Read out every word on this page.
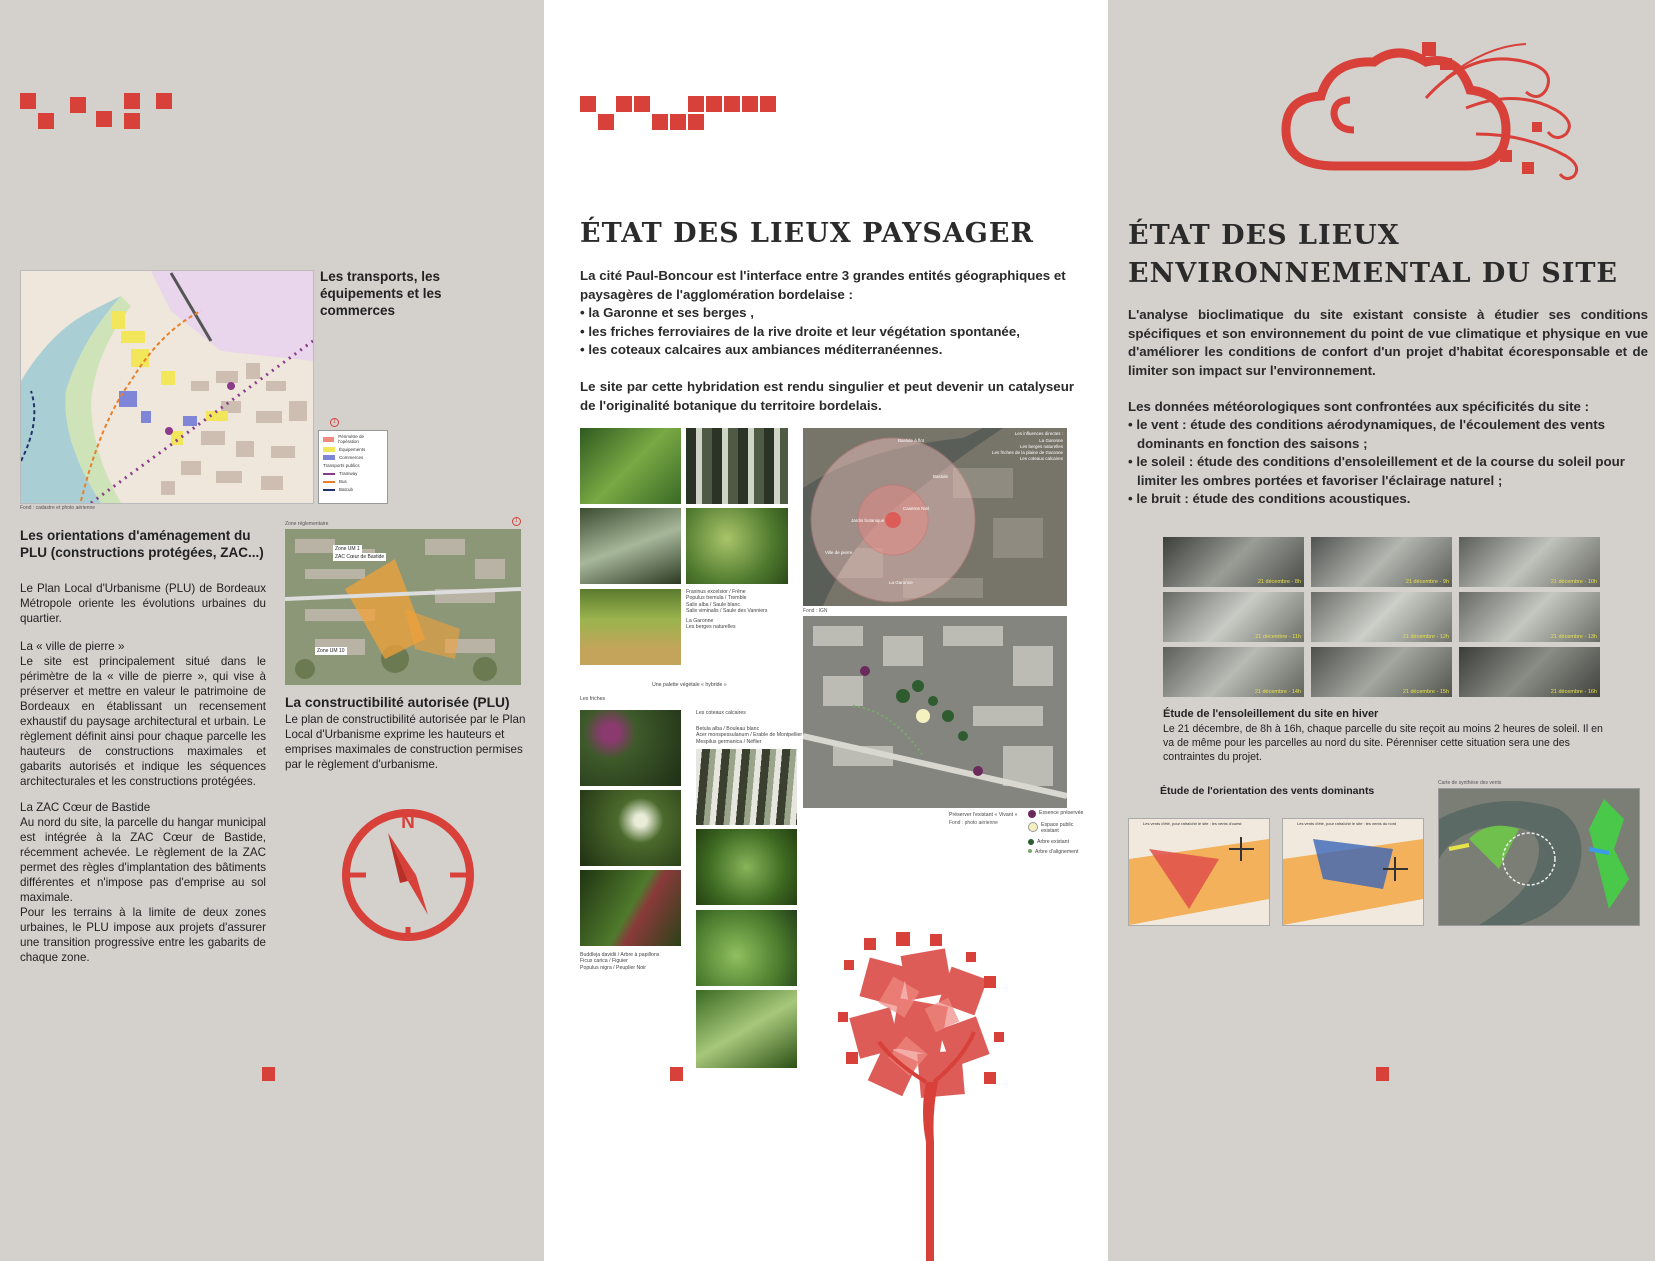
Les transports, les équipements et les commerces
1
Périmètre de l'opération
Équipements
Commerces
Transports publics
Tramway
Bus
Batcub
Fond : cadastre et photo aérienne
Les orientations d'aménagement du PLU (constructions protégées, ZAC...)
Le Plan Local d'Urbanisme (PLU) de Bordeaux Métropole oriente les évolutions urbaines du quartier.
La « ville de pierre »
Le site est principalement situé dans le périmètre de la « ville de pierre », qui vise à préserver et mettre en valeur le patrimoine de Bordeaux en établissant un recensement exhaustif du paysage architectural et urbain. Le règlement définit ainsi pour chaque parcelle les hauteurs de constructions maximales et gabarits autorisés et indique les séquences architecturales et les constructions protégées.
La ZAC Cœur de Bastide
Au nord du site, la parcelle du hangar municipal est intégrée à la ZAC Cœur de Bastide, récemment achevée. Le règlement de la ZAC permet des règles d'implantation des bâtiments différentes et n'impose pas d'emprise au sol maximale.
Pour les terrains à la limite de deux zones urbaines, le PLU impose aux projets d'assurer une transition progressive entre les gabarits de chaque zone.
Zone réglementaire	1
Zone UM 1
ZAC Cœur de Bastide
Zone UM 10
La constructibilité autorisée (PLU)
Le plan de constructibilité autorisée par le Plan Local d'Urbanisme exprime les hauteurs et emprises maximales de construction permises par le règlement d'urbanisme.
N
ÉTAT DES LIEUX PAYSAGER
La cité Paul-Boncour est l'interface entre 3 grandes entités géographiques et paysagères de l'agglomération bordelaise :
• la Garonne et ses berges ,
• les friches ferroviaires de la rive droite et leur végétation spontanée,
• les coteaux calcaires aux ambiances méditerranéennes.
Le site par cette hybridation est rendu singulier et peut devenir un catalyseur de l'originalité botanique du territoire bordelais.
Fraxinus excelsior / Frêne
Populus tremula / Tremble
Salix alba / Saule blanc
Salix viminalis / Saule des Vanniers
La Garonne
Les berges naturelles
Une palette végétale « hybride »
Les friches
Les coteaux calcaires
Betula alba / Bouleau blanc
Acer monspessulanum / Erable de Montpellier
Mespilus germanica / Néflier
Buddleja davidii / Arbre à papillons
Ficus carica / Figuier
Populus nigra / Peuplier Noir
Bastide à flot
Les influences directes :
La Garonne
Les berges naturelles
Les friches de la plaine de Garonne
Les coteaux calcaires
Bastide
Caserne Niel
Jardin botanique
Ville de pierre
La Garonne
Fond : IGN
Préserver l'existant « Vivant »
Fond : photo aérienne
Essence préservée
Espace public existant
Arbre existant
Arbre d'alignement
ÉTAT DES LIEUX
ENVIRONNEMENTAL DU SITE
L'analyse bioclimatique du site existant consiste à étudier ses conditions spécifiques et son environnement du point de vue climatique et physique en vue d'améliorer les conditions de confort d'un projet d'habitat écoresponsable et de limiter son impact sur l'environnement.
Les données météorologiques sont confrontées aux spécificités du site :
• le vent : étude des conditions aérodynamiques, de l'écoulement des vents dominants en fonction des saisons ;
• le soleil : étude des conditions d'ensoleillement et de la course du soleil pour limiter les ombres portées et favoriser l'éclairage naturel ;
• le bruit : étude des conditions acoustiques.
21 décembre - 8h	21 décembre - 9h	21 décembre - 10h
21 décembre - 11h	21 décembre - 12h	21 décembre - 13h
21 décembre - 14h	21 décembre - 15h	21 décembre - 16h
Étude de l'ensoleillement du site en hiver
Le 21 décembre, de 8h à 16h, chaque parcelle du site reçoit au moins 2 heures de soleil. Il en va de même pour les parcelles au nord du site. Pérenniser cette situation sera une des contraintes du projet.
Étude de l'orientation des vents dominants
Carte de synthèse des vents
Les vents d'été, pour rafraîchir le site : les vents d'ouest	Les vents d'été, pour rafraîchir le site : les vents du nord
